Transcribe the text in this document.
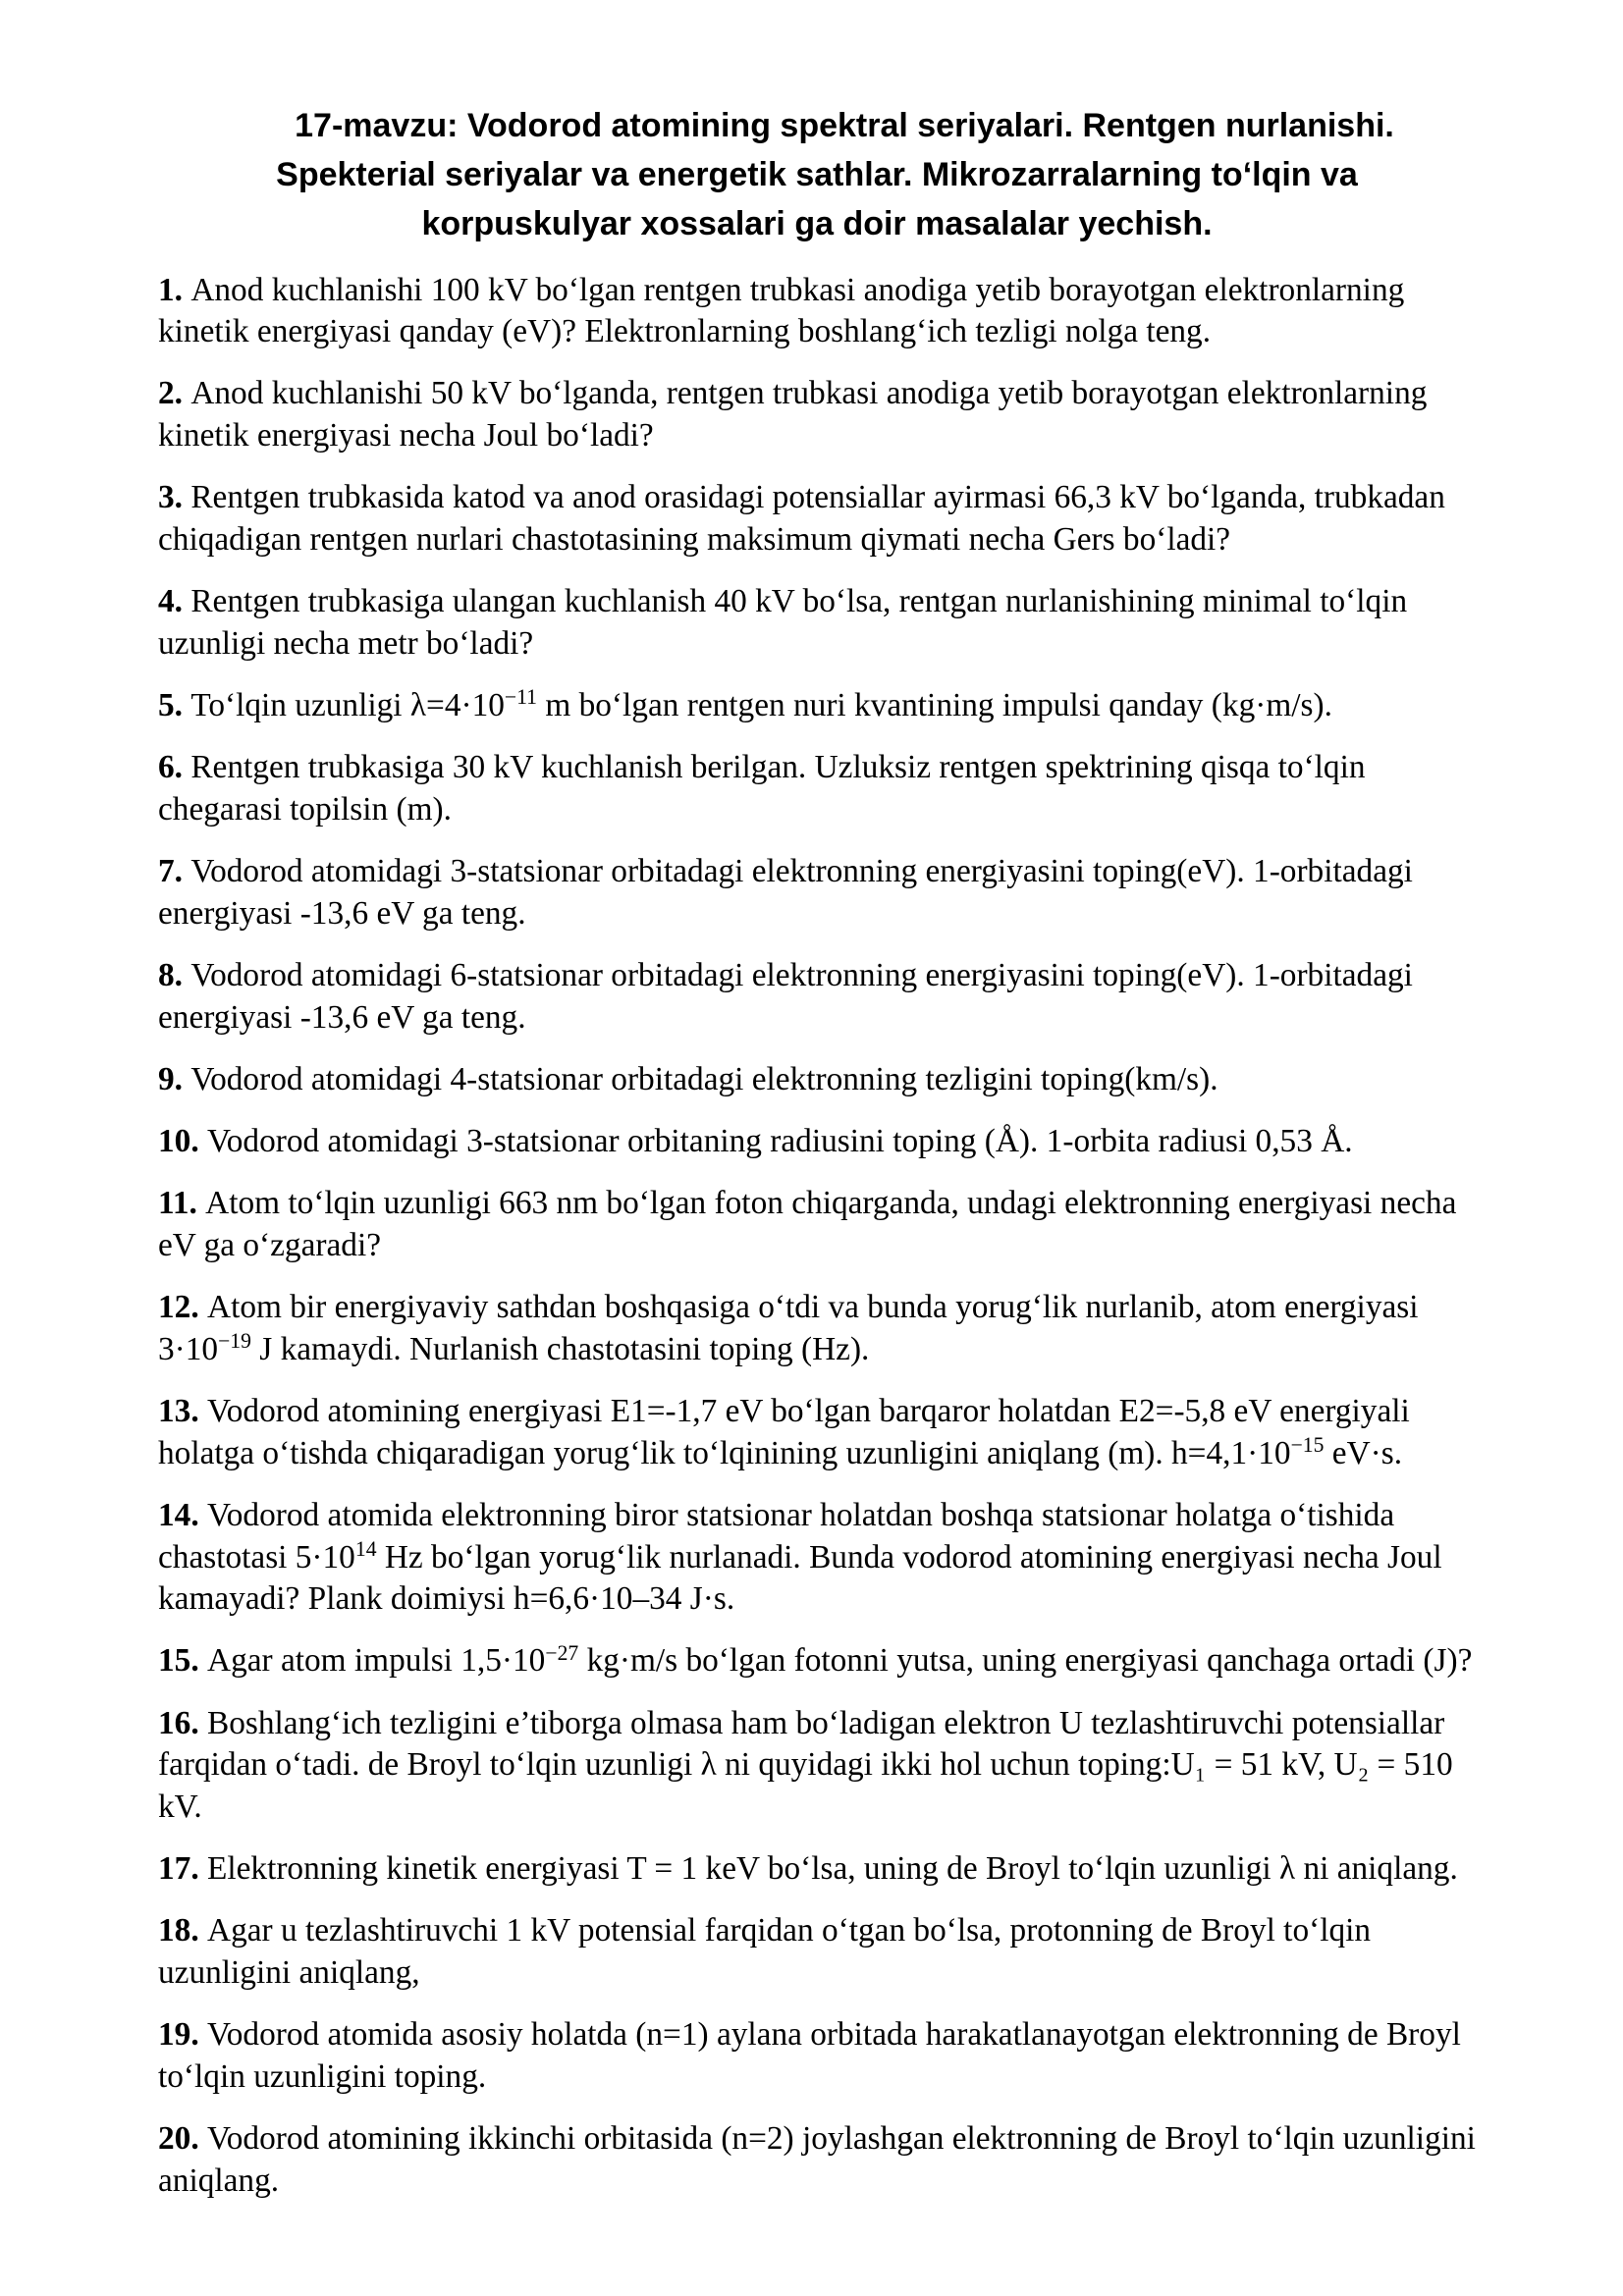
17-mavzu: Vodorod atomining spektral seriyalari. Rentgen nurlanishi.
Spekterial seriyalar va energetik sathlar. Mikrozarralarning to‘lqin va
korpuskulyar xossalari ga doir masalalar yechish.

1. Anod kuchlanishi 100 kV bo‘lgan rentgen trubkasi anodiga yetib borayotgan elektronlarning kinetik energiyasi qanday (eV)? Elektronlarning boshlang‘ich tezligi nolga teng.

2. Anod kuchlanishi 50 kV bo‘lganda, rentgen trubkasi anodiga yetib borayotgan elektronlarning kinetik energiyasi necha Joul bo‘ladi?

3. Rentgen trubkasida katod va anod orasidagi potensiallar ayirmasi 66,3 kV bo‘lganda, trubkadan chiqadigan rentgen nurlari chastotasining maksimum qiymati necha Gers bo‘ladi?

4. Rentgen trubkasiga ulangan kuchlanish 40 kV bo‘lsa, rentgan nurlanishining minimal to‘lqin uzunligi necha metr bo‘ladi?

5. To‘lqin uzunligi $\lambda=4\cdot 10^{-11}$ m bo‘lgan rentgen nuri kvantining impulsi qanday (kg·m/s).

6. Rentgen trubkasiga 30 kV kuchlanish berilgan. Uzluksiz rentgen spektrining qisqa to‘lqin chegarasi topilsin (m).

7. Vodorod atomidagi 3-statsionar orbitadagi elektronning energiyasini toping(eV). 1-orbitadagi energiyasi -13,6 eV ga teng.

8. Vodorod atomidagi 6-statsionar orbitadagi elektronning energiyasini toping(eV). 1-orbitadagi energiyasi -13,6 eV ga teng.

9. Vodorod atomidagi 4-statsionar orbitadagi elektronning tezligini toping(km/s).

10. Vodorod atomidagi 3-statsionar orbitaning radiusini toping (Å). 1-orbita radiusi 0,53 Å.

11. Atom to‘lqin uzunligi 663 nm bo‘lgan foton chiqarganda, undagi elektronning energiyasi necha eV ga o‘zgaradi?

12. Atom bir energiyaviy sathdan boshqasiga o‘tdi va bunda yorug‘lik nurlanib, atom energiyasi $3\cdot 10^{-19}$ J kamaydi. Nurlanish chastotasini toping (Hz).

13. Vodorod atomining energiyasi E1=-1,7 eV bo‘lgan barqaror holatdan E2=-5,8 eV energiyali holatga o‘tishda chiqaradigan yorug‘lik to‘lqinining uzunligini aniqlang (m). $h=4,1\cdot 10^{-15}$ eV·s.

14. Vodorod atomida elektronning biror statsionar holatdan boshqa statsionar holatga o‘tishida chastotasi $5\cdot 10^{14}$ Hz bo‘lgan yorug‘lik nurlanadi. Bunda vodorod atomining energiyasi necha Joul kamayadi? Plank doimiysi h=6,6·10–34 J·s.

15. Agar atom impulsi $1,5\cdot 10^{-27}$ kg·m/s bo‘lgan fotonni yutsa, uning energiyasi qanchaga ortadi (J)?

16. Boshlang‘ich tezligini e’tiborga olmasa ham bo‘ladigan elektron U tezlashtiruvchi potensiallar farqidan o‘tadi. de Broyl to‘lqin uzunligi λ ni quyidagi ikki hol uchun toping:U₁ = 51 kV, U₂ = 510 kV.

17. Elektronning kinetik energiyasi T = 1 keV bo‘lsa, uning de Broyl to‘lqin uzunligi λ ni aniqlang.

18. Agar u tezlashtiruvchi 1 kV potensial farqidan o‘tgan bo‘lsa, protonning de Broyl to‘lqin uzunligini aniqlang,

19. Vodorod atomida asosiy holatda (n=1) aylana orbitada harakatlanayotgan elektronning de Broyl to‘lqin uzunligini toping.

20. Vodorod atomining ikkinchi orbitasida (n=2) joylashgan elektronning de Broyl to‘lqin uzunligini aniqlang.
